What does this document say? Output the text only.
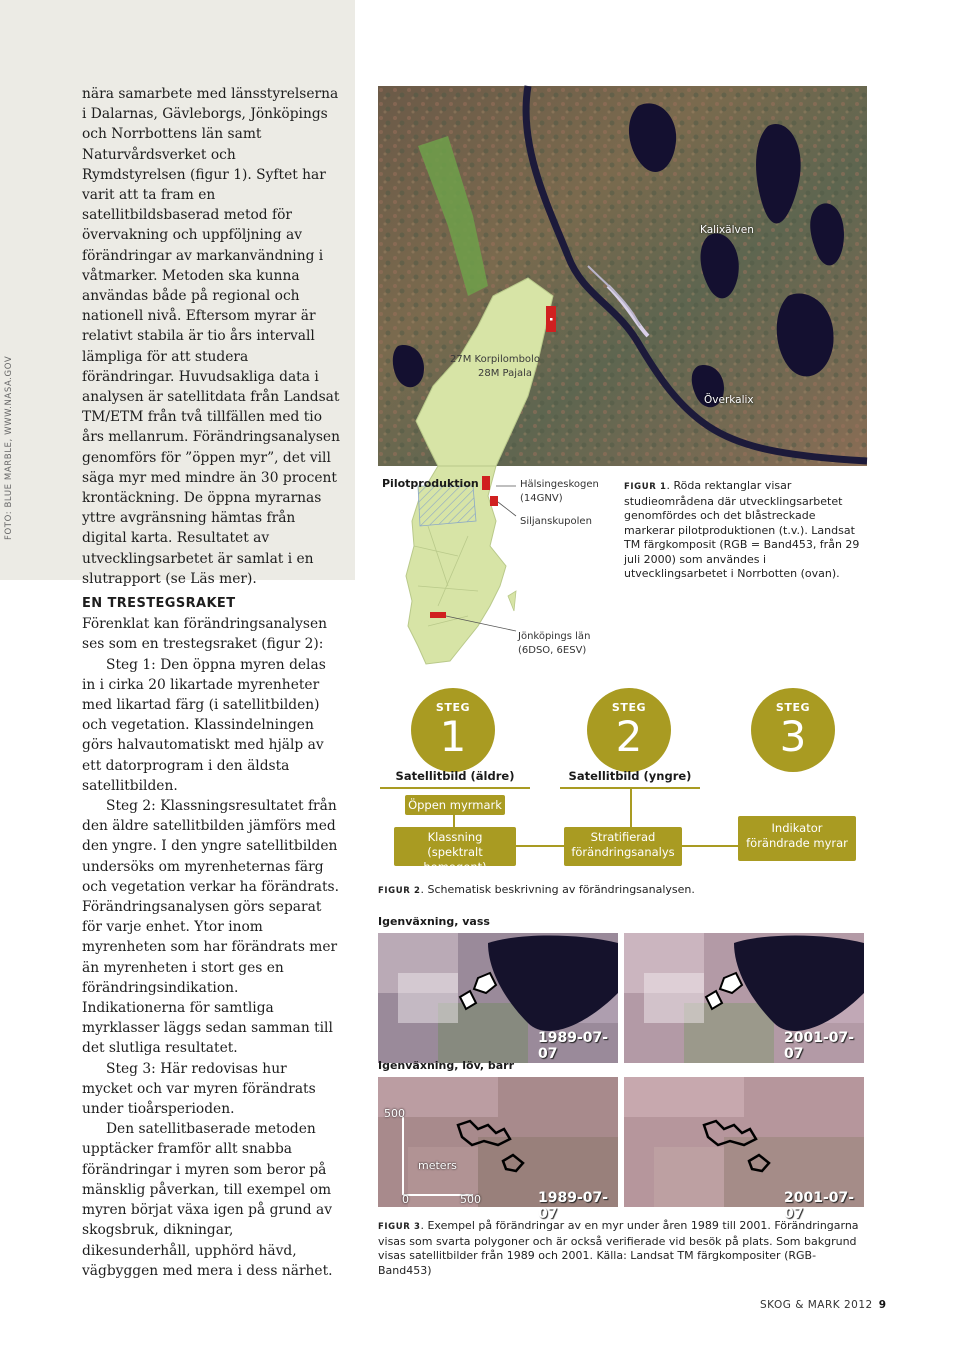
FOTO: BLUE MARBLE, WWW.NASA.GOV

nära samarbete med länsstyrelserna i Dalarnas, Gävleborgs, Jönköpings och Norrbottens län samt Naturvårdsverket och Rymdstyrelsen (figur 1). Syftet har varit att ta fram en satellitbildsbaserad metod för övervakning och uppföljning av förändringar av markanvändning i våtmarker. Metoden ska kunna användas både på regional och nationell nivå. Eftersom myrar är relativt stabila är tio års intervall lämpliga för att studera förändringar. Huvudsakliga data i analysen är satellitdata från Landsat TM/ETM från två tillfällen med tio års mellanrum. Förändringsanalysen genomförs för ”öppen myr”, det vill säga myr med mindre än 30 procent krontäckning. De öppna myrarnas yttre avgränsning hämtas från digital karta. Resultatet av utvecklingsarbetet är samlat i en slutrapport (se Läs mer).

EN TRESTEGSRAKET

Förenklat kan förändringsanalysen ses som en trestegsraket (figur 2):

Steg 1: Den öppna myren delas in i cirka 20 likartade myrenheter med likartad färg (i satellitbilden) och vegetation. Klassindelningen görs halvautomatiskt med hjälp av ett datorprogram i den äldsta satellitbilden.

Steg 2: Klassningsresultatet från den äldre satellitbilden jämförs med den yngre. I den yngre satellitbilden undersöks om myrenheternas färg och vegetation verkar ha förändrats. Förändringsanalysen görs separat för varje enhet. Ytor inom myrenheten som har förändrats mer än myrenheten i stort ges en förändringsindikation. Indikationerna för samtliga myrklasser läggs sedan samman till det slutliga resultatet.

Steg 3: Här redovisas hur mycket och var myren förändrats under tioårsperioden.

Den satellitbaserade metoden upptäcker framför allt snabba förändringar i myren som beror på mänsklig påverkan, till exempel om myren börjat växa igen på grund av skogsbruk, dikningar, dikesunderhåll, upphörd hävd, vägbyggen med mera i dess närhet.

Kalixälven
Överkalix
27M Korpilombolo
28M Pajala
Pilotproduktion	Hälsingeskogen
(14GNV)
Siljanskupolen
Jönköpings län
(6DSO, 6ESV)
FIGUR 1. Röda rektanglar visar studieområdena där utvecklingsarbetet genomfördes och det blåstreckade markerar pilotproduktionen (t.v.). Landsat TM färgkomposit (RGB = Band453, från 29 juli 2000) som användes i utvecklingsarbetet i Norrbotten (ovan).
STEG
1
STEG
2
STEG
3
Satellitbild (äldre)	Satellitbild (yngre)
Öppen myrmark
Klassning
(spektralt homogent)
Stratifierad
förändringsanalys
Indikator
förändrade myrar
FIGUR 2. Schematisk beskrivning av förändringsanalysen.
Igenväxning, vass
1989-07-07
2001-07-07
Igenväxning, löv, barr
1989-07-07
500
meters
0	500	2001-07-07
FIGUR 3. Exempel på förändringar av en myr under åren 1989 till 2001. Förändringarna visas som svarta polygoner och är också verifierade vid besök på plats. Som bakgrund visas satellitbilder från 1989 och 2001. Källa: Landsat TM färgkompositer (RGB-Band453)
SKOG & MARK 2012 9
